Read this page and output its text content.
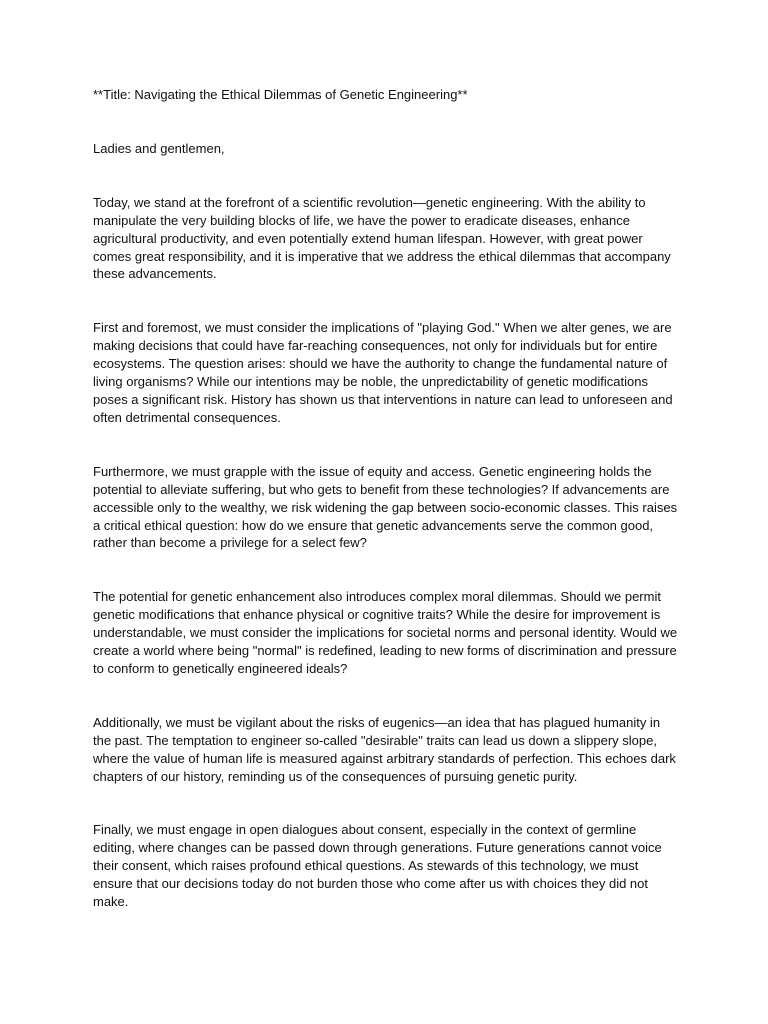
**Title: Navigating the Ethical Dilemmas of Genetic Engineering**

Ladies and gentlemen,

Today, we stand at the forefront of a scientific revolution—genetic engineering. With the ability to manipulate the very building blocks of life, we have the power to eradicate diseases, enhance agricultural productivity, and even potentially extend human lifespan. However, with great power comes great responsibility, and it is imperative that we address the ethical dilemmas that accompany these advancements.

First and foremost, we must consider the implications of "playing God." When we alter genes, we are making decisions that could have far-reaching consequences, not only for individuals but for entire ecosystems. The question arises: should we have the authority to change the fundamental nature of living organisms? While our intentions may be noble, the unpredictability of genetic modifications poses a significant risk. History has shown us that interventions in nature can lead to unforeseen and often detrimental consequences.

Furthermore, we must grapple with the issue of equity and access. Genetic engineering holds the potential to alleviate suffering, but who gets to benefit from these technologies? If advancements are accessible only to the wealthy, we risk widening the gap between socio-economic classes. This raises a critical ethical question: how do we ensure that genetic advancements serve the common good, rather than become a privilege for a select few?

The potential for genetic enhancement also introduces complex moral dilemmas. Should we permit genetic modifications that enhance physical or cognitive traits? While the desire for improvement is understandable, we must consider the implications for societal norms and personal identity. Would we create a world where being "normal" is redefined, leading to new forms of discrimination and pressure to conform to genetically engineered ideals?

Additionally, we must be vigilant about the risks of eugenics—an idea that has plagued humanity in the past. The temptation to engineer so-called "desirable" traits can lead us down a slippery slope, where the value of human life is measured against arbitrary standards of perfection. This echoes dark chapters of our history, reminding us of the consequences of pursuing genetic purity.

Finally, we must engage in open dialogues about consent, especially in the context of germline editing, where changes can be passed down through generations. Future generations cannot voice their consent, which raises profound ethical questions. As stewards of this technology, we must ensure that our decisions today do not burden those who come after us with choices they did not make.
